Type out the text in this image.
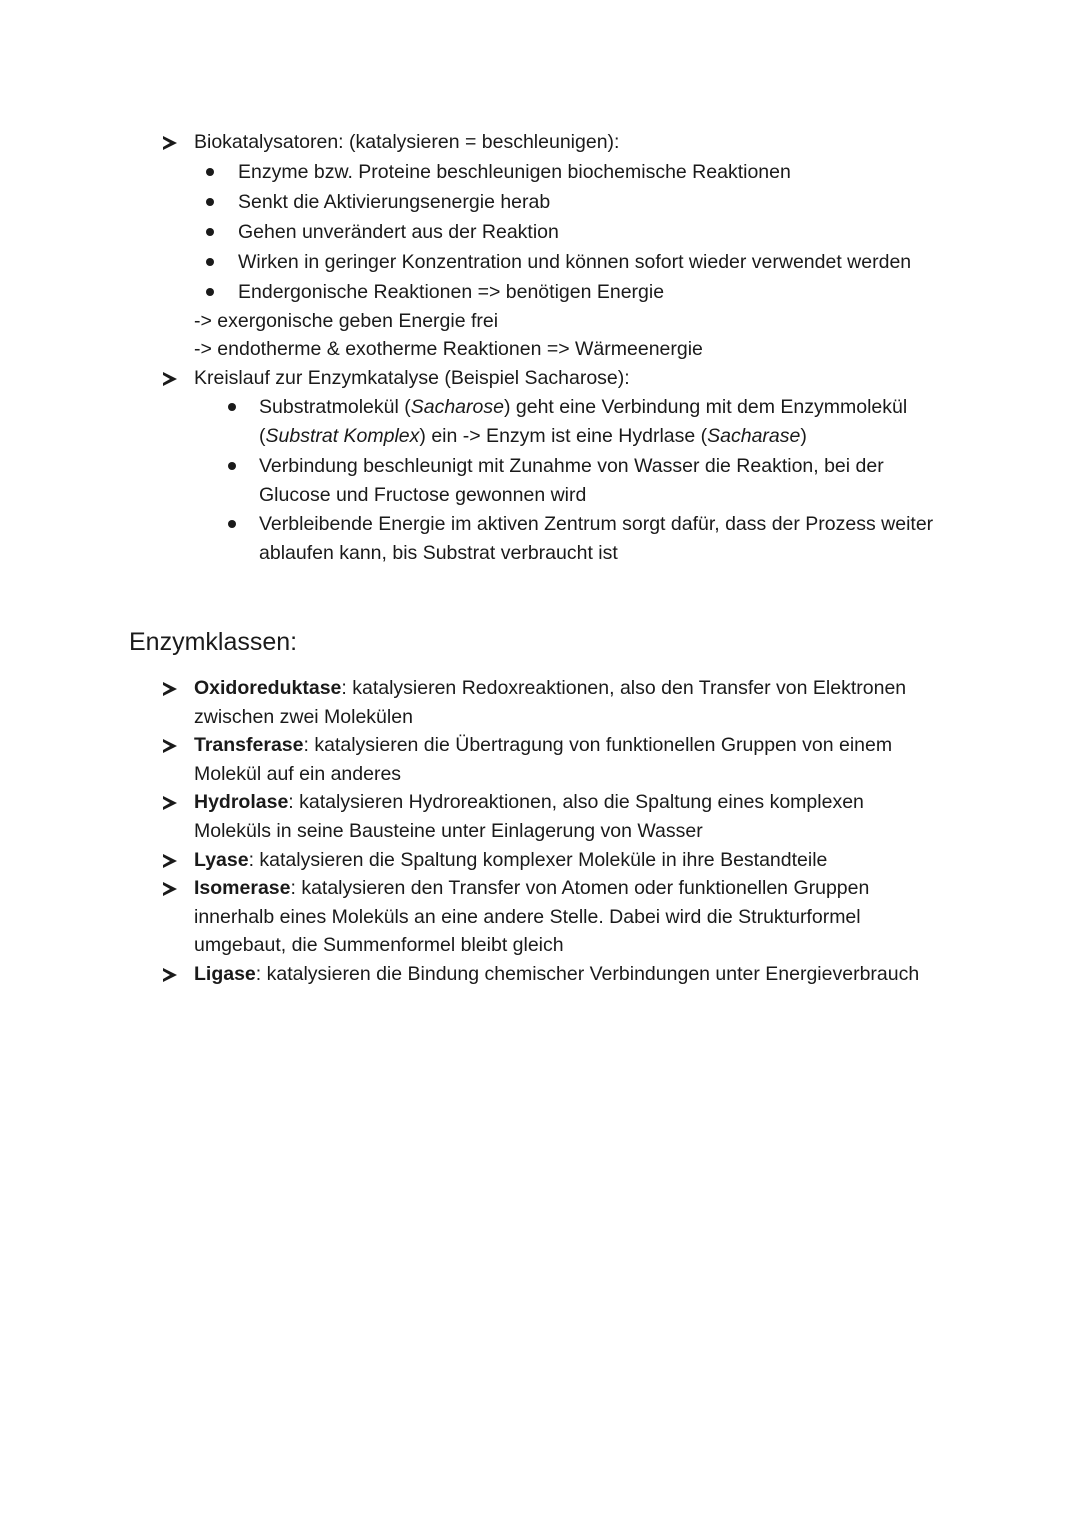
Biokatalysatoren: (katalysieren = beschleunigen):
Enzyme bzw. Proteine beschleunigen biochemische Reaktionen
Senkt die Aktivierungsenergie herab
Gehen unverändert aus der Reaktion
Wirken in geringer Konzentration und können sofort wieder verwendet werden
Endergonische Reaktionen => benötigen Energie
-> exergonische geben Energie frei
-> endotherme & exotherme Reaktionen => Wärmeenergie
Kreislauf zur Enzymkatalyse (Beispiel Sacharose):
Substratmolekül (Sacharose) geht eine Verbindung mit dem Enzymmolekül
(Substrat Komplex) ein -> Enzym ist eine Hydrlase (Sacharase)
Verbindung beschleunigt mit Zunahme von Wasser die Reaktion, bei der
Glucose und Fructose gewonnen wird
Verbleibende Energie im aktiven Zentrum sorgt dafür, dass der Prozess weiter
ablaufen kann, bis Substrat verbraucht ist
Enzymklassen:
Oxidoreduktase: katalysieren Redoxreaktionen, also den Transfer von Elektronen
zwischen zwei Molekülen
Transferase: katalysieren die Übertragung von funktionellen Gruppen von einem
Molekül auf ein anderes
Hydrolase: katalysieren Hydroreaktionen, also die Spaltung eines komplexen
Moleküls in seine Bausteine unter Einlagerung von Wasser
Lyase: katalysieren die Spaltung komplexer Moleküle in ihre Bestandteile
Isomerase: katalysieren den Transfer von Atomen oder funktionellen Gruppen
innerhalb eines Moleküls an eine andere Stelle. Dabei wird die Strukturformel
umgebaut, die Summenformel bleibt gleich
Ligase: katalysieren die Bindung chemischer Verbindungen unter Energieverbrauch
